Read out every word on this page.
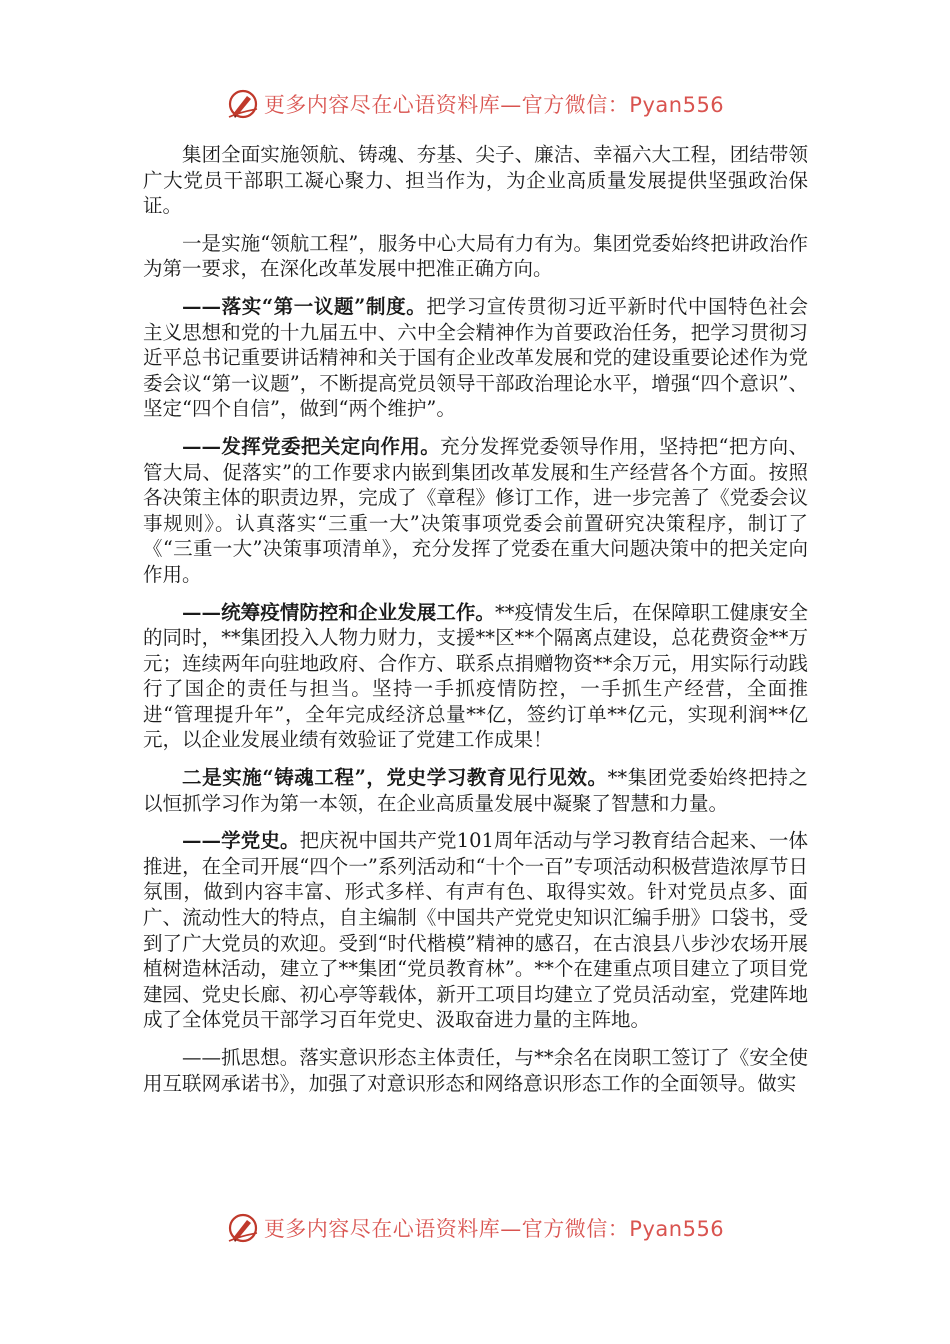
更多内容尽在心语资料库—官方微信：Pyan556

集团全面实施领航、铸魂、夯基、尖子、廉洁、幸福六大工程，团结带领广大党员干部职工凝心聚力、担当作为，为企业高质量发展提供坚强政治保证。

一是实施“领航工程”，服务中心大局有力有为。集团党委始终把讲政治作为第一要求，在深化改革发展中把准正确方向。

——落实“第一议题”制度。把学习宣传贯彻习近平新时代中国特色社会主义思想和党的十九届五中、六中全会精神作为首要政治任务，把学习贯彻习近平总书记重要讲话精神和关于国有企业改革发展和党的建设重要论述作为党委会议“第一议题”，不断提高党员领导干部政治理论水平，增强“四个意识”、坚定“四个自信”，做到“两个维护”。

——发挥党委把关定向作用。充分发挥党委领导作用，坚持把“把方向、管大局、促落实”的工作要求内嵌到集团改革发展和生产经营各个方面。按照各决策主体的职责边界，完成了《章程》修订工作，进一步完善了《党委会议事规则》。认真落实“三重一大”决策事项党委会前置研究决策程序，制订了《“三重一大”决策事项清单》，充分发挥了党委在重大问题决策中的把关定向作用。

——统筹疫情防控和企业发展工作。**疫情发生后，在保障职工健康安全的同时，**集团投入人物力财力，支援**区**个隔离点建设，总花费资金**万元；连续两年向驻地政府、合作方、联系点捐赠物资**余万元，用实际行动践行了国企的责任与担当。坚持一手抓疫情防控，一手抓生产经营，全面推进“管理提升年”，全年完成经济总量**亿，签约订单**亿元，实现利润**亿元，以企业发展业绩有效验证了党建工作成果！

二是实施“铸魂工程”，党史学习教育见行见效。**集团党委始终把持之以恒抓学习作为第一本领，在企业高质量发展中凝聚了智慧和力量。

——学党史。把庆祝中国共产党101周年活动与学习教育结合起来、一体推进，在全司开展“四个一”系列活动和“十个一百”专项活动积极营造浓厚节日氛围，做到内容丰富、形式多样、有声有色、取得实效。针对党员点多、面广、流动性大的特点，自主编制《中国共产党党史知识汇编手册》口袋书，受到了广大党员的欢迎。受到“时代楷模”精神的感召，在古浪县八步沙农场开展植树造林活动，建立了**集团“党员教育林”。**个在建重点项目建立了项目党建园、党史长廊、初心亭等载体，新开工项目均建立了党员活动室，党建阵地成了全体党员干部学习百年党史、汲取奋进力量的主阵地。

——抓思想。落实意识形态主体责任，与**余名在岗职工签订了《安全使用互联网承诺书》，加强了对意识形态和网络意识形态工作的全面领导。做实

更多内容尽在心语资料库—官方微信：Pyan556
